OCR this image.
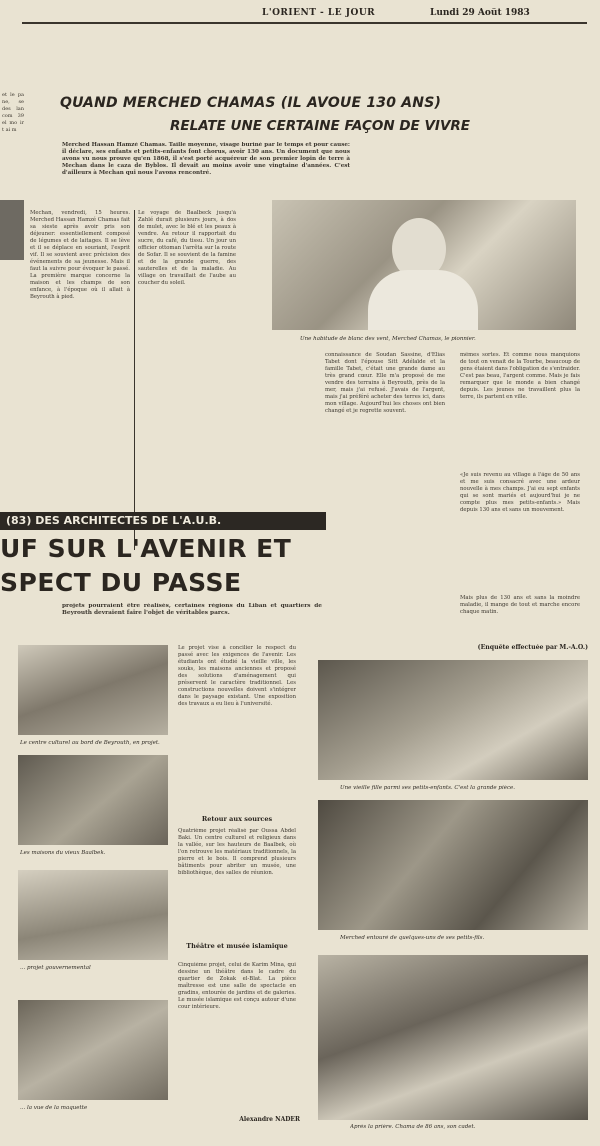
L'ORIENT - LE JOUR	Lundi 29 Août 1983
et le pa ne, se des lan com 39 el mo ir t ai m
QUAND MERCHED CHAMAS (IL AVOUE 130 ANS)
RELATE UNE CERTAINE FAÇON DE VIVRE
Merched Hassan Hamzé Chamas. Taille moyenne, visage buriné par le temps et pour cause: il déclare, ses enfants et petits-enfants font chorus, avoir 130 ans. Un document que nous avons vu nous prouve qu'en 1868, il s'est porté acquéreur de son premier lopin de terre à Mechan dans le caza de Byblos. Il devait au moins avoir une vingtaine d'années. C'est d'ailleurs à Mechan qui nous l'avons rencontré.
Mechan, vendredi, 15 heures. Merched Hassan Hamzé Chamas fait sa sieste après avoir pris son déjeuner: essentiellement composé de légumes et de laitages. Il se lève et il se déplace en souriant, l'esprit vif. Il se souvient avec précision des événements de sa jeunesse. Mais il faut la suivre pour évoquer le passé. La première marque concerne la maison et les champs de son enfance, à l'époque où il allait à Beyrouth à pied.
Le voyage de Baalbeck jusqu'à Zahlé durait plusieurs jours, à dos de mulet, avec le blé et les peaux à vendre. Au retour il rapportait du sucre, du café, du tissu. Un jour un officier ottoman l'arrêta sur la route de Sofar. Il se souvient de la famine et de la grande guerre, des sauterelles et de la maladie. Au village on travaillait de l'aube au coucher du soleil.
Une habitude de blanc des vent, Merched Chamas, le pionnier.
connaissance de Soudan Sassine, d'Elias Tabet dont l'épouse Sitt Adélaïde et la famille Tabet, c'était une grande dame au très grand cœur. Elle m'a proposé de me vendre des terrains à Beyrouth, près de la mer, mais j'ai refusé. J'avais de l'argent, mais j'ai préféré acheter des terres ici, dans mon village. Aujourd'hui les choses ont bien changé et je regrette souvent.
mêmes sortes. Et comme nous manquions de tout on venait de la Tourbe, beaucoup de gens étaient dans l'obligation de s'entraider. C'est pas beau, l'argent comme. Mais je fais remarquer que le monde a bien changé depuis. Les jeunes ne travaillent plus la terre, ils partent en ville.
«Je suis revenu au village à l'âge de 50 ans et me suis consacré avec une ardeur nouvelle à mes champs. J'ai eu sept enfants qui se sont mariés et aujourd'hui je ne compte plus mes petits-enfants.» Mais depuis 130 ans et sans un mouvement.
Mais plus de 130 ans et sans la moindre maladie, il mange de tout et marche encore chaque matin.
(Enquête effectuée par M.-A.O.)
(83) DES ARCHITECTES DE L'A.U.B.
UF SUR L'AVENIR ET
SPECT DU PASSE
projets pourraient être réalisés, certaines régions du Liban et quartiers de Beyrouth devraient faire l'objet de véritables parcs.
Le centre culturel au bord de Beyrouth, en projet.
Les maisons du vieux Baalbek.
... projet gouvernemental
... la vue de la maquette
Le projet vise à concilier le respect du passé avec les exigences de l'avenir. Les étudiants ont étudié la vieille ville, les souks, les maisons anciennes et proposé des solutions d'aménagement qui préservent le caractère traditionnel. Les constructions nouvelles doivent s'intégrer dans le paysage existant. Une exposition des travaux a eu lieu à l'université.
Retour aux sources
Quatrième projet réalisé par Oussa Abdel Baki. Un centre culturel et religieux dans la vallée, sur les hauteurs de Baalbek, où l'on retrouve les matériaux traditionnels, la pierre et le bois. Il comprend plusieurs bâtiments pour abriter un musée, une bibliothèque, des salles de réunion.
Théâtre et musée islamique
Cinquième projet, celui de Karim Mina, qui dessine un théâtre dans le cadre du quartier de Zokak el-Blat. La pièce maîtresse est une salle de spectacle en gradins, entourée de jardins et de galeries. Le musée islamique est conçu autour d'une cour intérieure.
Alexandre NADER
Une vieille fille parmi ses petits-enfants. C'est la grande pièce.
Merched entouré de quelques-uns de ses petits-fils.
Après la prière. Chama de 86 ans, son cadet.
